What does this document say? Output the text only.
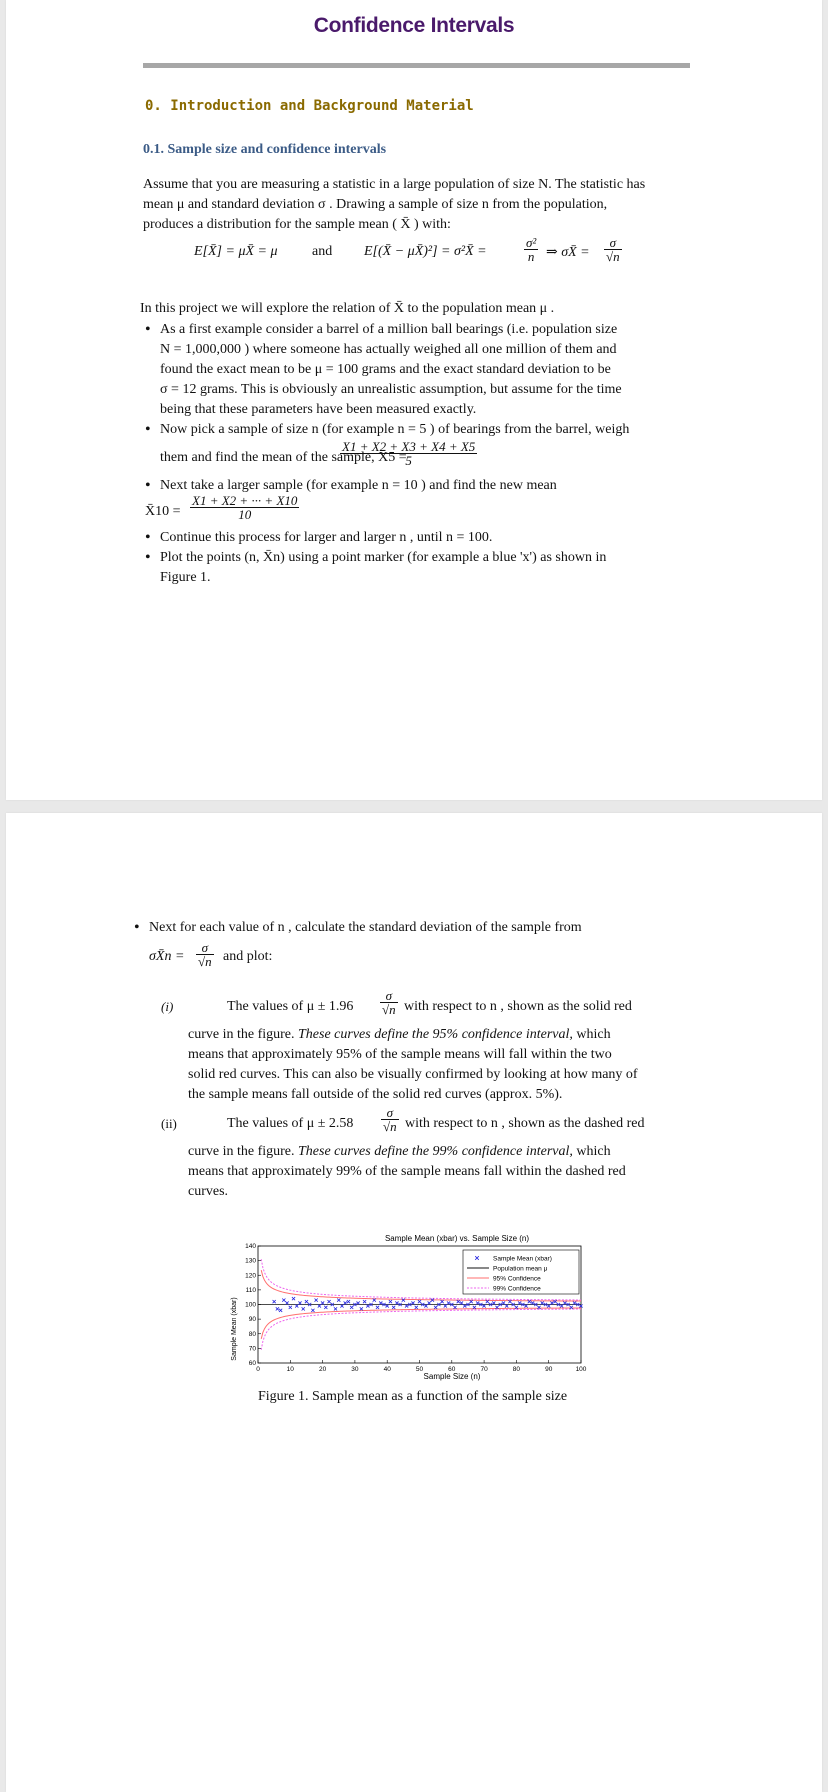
Confidence Intervals
0. Introduction and Background Material
0.1. Sample size and confidence intervals
Assume that you are measuring a statistic in a large population of size N. The statistic has
mean μ and standard deviation σ . Drawing a sample of size n from the population,
produces a distribution for the sample mean ( X̄ ) with:
E[X̄] = μX̄ = μ and E[(X̄ − μX̄)²] = σ²X̄ =	$\frac{\text{σ²}}{n}$ ⇒ σX̄ = $\frac{\sigma}{√n}$
In this project we will explore the relation of X̄ to the population mean μ .
• As a first example consider a barrel of a million ball bearings (i.e. population size
N = 1,000,000 ) where someone has actually weighed all one million of them and
found the exact mean to be μ = 100 grams and the exact standard deviation to be
σ = 12 grams. This is obviously an unrealistic assumption, but assume for the time
being that these parameters have been measured exactly.
• Now pick a sample of size n (for example n = 5 ) of bearings from the barrel, weigh
them and find the mean of the sample, X̄5 =
$\frac{X1 + X2 + X3 + X4 + X5}{5}$
• Next take a larger sample (for example n = 10 ) and find the new mean
X̄10 = $\frac{X1 + X2 + \cdot\cdot\cdot + X10}{10}$
• Continue this process for larger and larger n , until n = 100.
• Plot the points (n, X̄n) using a point marker (for example a blue 'x') as shown in
Figure 1.
• Next for each value of n , calculate the standard deviation of the sample from
σX̄n = $\frac{\sigma}{√n}$ and plot:
(i)	The values of $\mu \pm 1.96 \frac{\sigma}{√n}$ with respect to n , shown as the solid red
curve in the figure. These curves define the 95% confidence interval, which
means that approximately 95% of the sample means will fall within the two
solid red curves. This can also be visually confirmed by looking at how many of
the sample means fall outside of the solid red curves (approx. 5%).
(ii)	The values of $\mu \pm 2.58 \frac{\sigma}{√n}$ with respect to n , shown as the dashed red
curve in the figure. These curves define the 99% confidence interval, which
means that approximately 99% of the sample means fall within the dashed red
curves.
Sample Mean (xbar) vs. Sample Size (n)
Sample Mean (xbar)
Sample Size (n)
0	10	20	30	40	50	60	70	80	90	100
60
70
80
90
100
110
120
130
140
Sample Mean (xbar)
Population mean μ
95% Confidence
99% Confidence
Figure 1. Sample mean as a function of the sample size
